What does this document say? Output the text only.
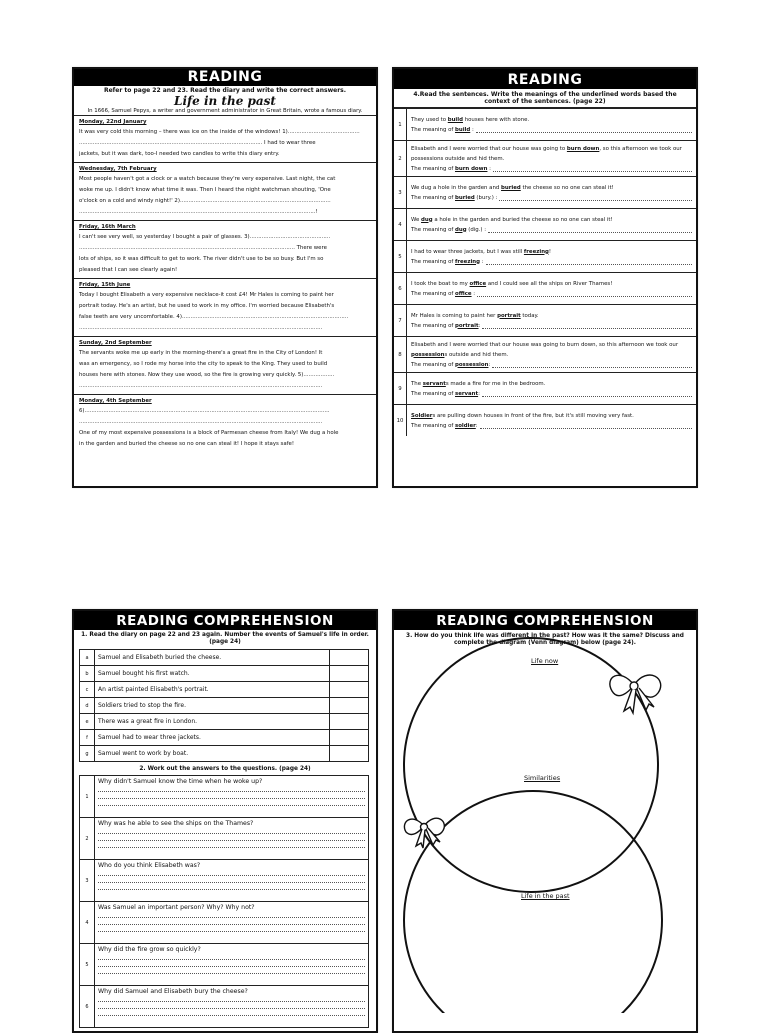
READING
Refer to page 22 and 23. Read the diary and write the correct answers.
Life in the past
In 1666, Samuel Pepys, a writer and government administrator in Great Britain, wrote a famous diary.
Monday, 22nd January
It was very cold this morning – there was ice on the inside of the windows! 1)..........................................
........................................................................................................... I had to wear three
jackets, but it was dark, too-I needed two candles to write this diary entry.
Wednesday, 7th February
Most people haven't got a clock or a watch because they're very expensive. Last night, the cat
woke me up. I didn't know what time it was. Then I heard the night watchman shouting, 'One
o'clock on a cold and windy night!' 2)........................................................................................
..........................................................................................................................................!
Friday, 16th March
I can't see very well, so yesterday I bought a pair of glasses. 3)...............................................
.............................................................................................................................. There were
lots of ships, so it was difficult to get to work. The river didn't use to be so busy. But I'm so
pleased that I can see clearly again!
Friday, 15th June
Today I bought Elisabeth a very expensive necklace-it cost £4! Mr Hales is coming to paint her
portrait today. He's an artist, but he used to work in my office. I'm worried because Elisabeth's
false teeth are very uncomfortable. 4).................................................................................................
..............................................................................................................................................
Sunday, 2nd September
The servants woke me up early in the morning-there's a great fire in the City of London! It
was an emergency, so I rode my horse into the city to speak to the King. They used to build
houses here with stones. Now they use wood, so the fire is growing very quickly. 5)..................
..............................................................................................................................................
Monday, 4th September
6)...............................................................................................................................................
..............................................................................................................................................
One of my most expensive possessions is a block of Parmesan cheese from Italy! We dug a hole
in the garden and buried the cheese so no one can steal it! I hope it stays safe!
READING
4.Read the sentences. Write the meanings of the underlined words based the context of the sentences. (page 22)
1	They used to build houses here with stone.
The meaning of build :

2	Elisabeth and I were worried that our house was going to burn down, so this afternoon we took our possessions outside and hid them.
The meaning of burn down :

3	We dug a hole in the garden and buried the cheese so no one can steal it!
The meaning of buried (bury.) :

4	We dug a hole in the garden and buried the cheese so no one can steal it!
The meaning of dug (dig.) :

5	I had to wear three jackets, but I was still freezing!
The meaning of freezing :

6	I took the boat to my office and I could see all the ships on River Thames!
The meaning of office :

7	Mr Hales is coming to paint her portrait today.
The meaning of portrait:

8	Elisabeth and I were worried that our house was going to burn down, so this afternoon we took our possessions outside and hid them.
The meaning of possession:

9	The servants made a fire for me in the bedroom.
The meaning of servant:

10	Soldiers are pulling down houses in front of the fire, but it's still moving very fast.
The meaning of soldier:
READING COMPREHENSION
1. Read the diary on page 22 and 23 again. Number the events of Samuel's life in order. (page 24)
a	Samuel and Elisabeth buried the cheese.	
b	Samuel bought his first watch.	
c	An artist painted Elisabeth's portrait.	
d	Soldiers tried to stop the fire.	
e	There was a great fire in London.	
f	Samuel had to wear three jackets.	
g	Samuel went to work by boat.	
2. Work out the answers to the questions. (page 24)
1	Why didn't Samuel know the time when he woke up?

2	Why was he able to see the ships on the Thames?

3	Who do you think Elisabeth was?

4	Was Samuel an important person? Why? Why not?

5	Why did the fire grow so quickly?

6	Why did Samuel and Elisabeth bury the cheese?
READING COMPREHENSION
3. How do you think life was different in the past? How was it the same? Discuss and complete the diagram (Venn diagram) below (page 24).
Life now
Similarities
Life in the past
